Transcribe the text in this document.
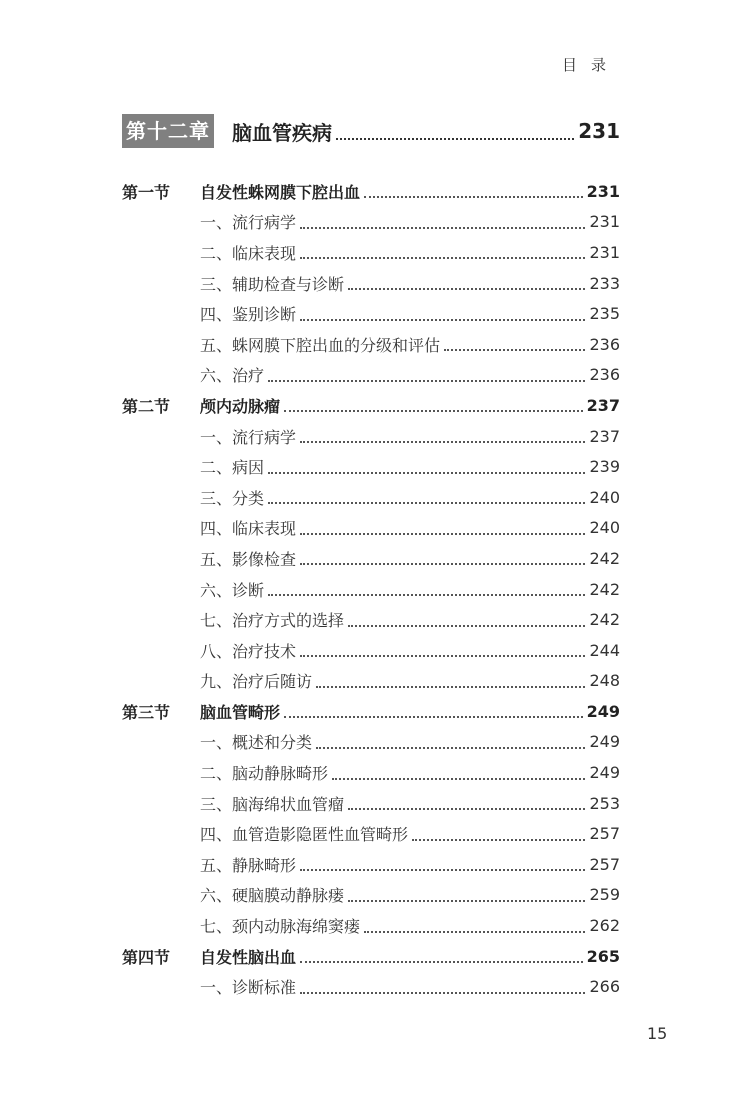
目录
第十二章 脑血管疾病	231
第一节	自发性蛛网膜下腔出血	231
一、流行病学	231
二、临床表现	231
三、辅助检查与诊断	233
四、鉴别诊断	235
五、蛛网膜下腔出血的分级和评估	236
六、治疗	236
第二节	颅内动脉瘤	237
一、流行病学	237
二、病因	239
三、分类	240
四、临床表现	240
五、影像检查	242
六、诊断	242
七、治疗方式的选择	242
八、治疗技术	244
九、治疗后随访	248
第三节	脑血管畸形	249
一、概述和分类	249
二、脑动静脉畸形	249
三、脑海绵状血管瘤	253
四、血管造影隐匿性血管畸形	257
五、静脉畸形	257
六、硬脑膜动静脉瘘	259
七、颈内动脉海绵窦瘘	262
第四节	自发性脑出血	265
一、诊断标准	266
15
